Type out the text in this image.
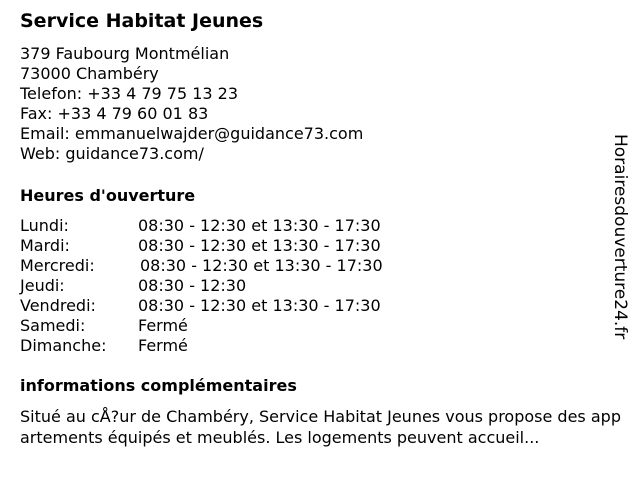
Service Habitat Jeunes
379 Faubourg Montmélian
73000 Chambéry
Telefon: +33 4 79 75 13 23
Fax: +33 4 79 60 01 83
Email: emmanuelwajder@guidance73.com
Web: guidance73.com/
Heures d'ouverture
Lundi:	08:30 - 12:30 et 13:30 - 17:30
Mardi:	08:30 - 12:30 et 13:30 - 17:30
Mercredi:	08:30 - 12:30 et 13:30 - 17:30
Jeudi:	08:30 - 12:30
Vendredi:	08:30 - 12:30 et 13:30 - 17:30
Samedi:	Fermé
Dimanche: Fermé
informations complémentaires
Situé au cÅ?ur de Chambéry, Service Habitat Jeunes vous propose des appartements équipés et meublés. Les logements peuvent accueil...
Horairesdouverture24.fr
